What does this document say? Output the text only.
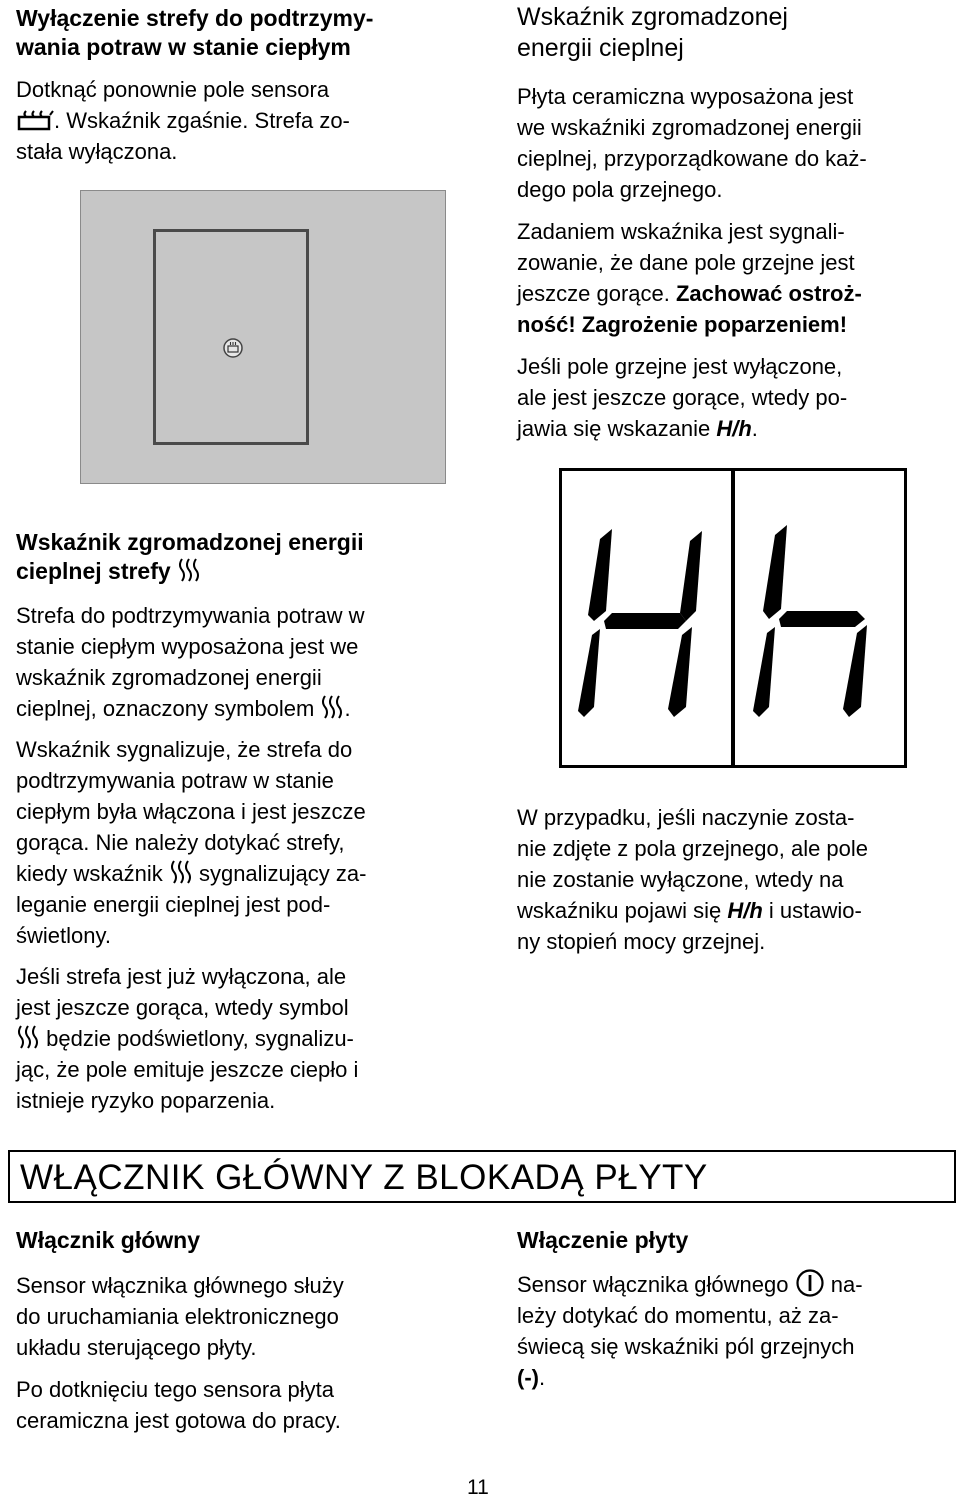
Wyłączenie strefy do podtrzymy-
wania potraw w stanie ciepłym

Dotknąć ponownie pole sensora
. Wskaźnik zgaśnie. Strefa zo-
stała wyłączona.

Wskaźnik zgromadzonej
energii cieplnej

Płyta ceramiczna wyposażona jest
we wskaźniki zgromadzonej energii
cieplnej, przyporządkowane do każ-
dego pola grzejnego.

Zadaniem wskaźnika jest sygnali-
zowanie, że dane pole grzejne jest
jeszcze gorące. Zachować ostroż-
ność! Zagrożenie poparzeniem!

Jeśli pole grzejne jest wyłączone,
ale jest jeszcze gorące, wtedy po-
jawia się wskazanie H/h.

Wskaźnik zgromadzonej energii
cieplnej strefy

Strefa do podtrzymywania potraw w
stanie ciepłym wyposażona jest we
wskaźnik zgromadzonej energii
cieplnej, oznaczony symbolem .

Wskaźnik sygnalizuje, że strefa do
podtrzymywania potraw w stanie
ciepłym była włączona i jest jeszcze
gorąca. Nie należy dotykać strefy,
kiedy wskaźnik  sygnalizujący za-
leganie energii cieplnej jest pod-
świetlony.

Jeśli strefa jest już wyłączona, ale
jest jeszcze gorąca, wtedy symbol
będzie podświetlony, sygnalizu-
jąc, że pole emituje jeszcze ciepło i
istnieje ryzyko poparzenia.

W przypadku, jeśli naczynie zosta-
nie zdjęte z pola grzejnego, ale pole
nie zostanie wyłączone, wtedy na
wskaźniku pojawi się H/h i ustawio-
ny stopień mocy grzejnej.

WŁĄCZNIK GŁÓWNY Z BLOKADĄ PŁYTY
Włącznik główny

Sensor włącznika głównego służy
do uruchamiania elektronicznego
układu sterującego płyty.

Po dotknięciu tego sensora płyta
ceramiczna jest gotowa do pracy.

Włączenie płyty

Sensor włącznika głównego  na-
leży dotykać do momentu, aż za-
świecą się wskaźniki pól grzejnych
(-).

11
